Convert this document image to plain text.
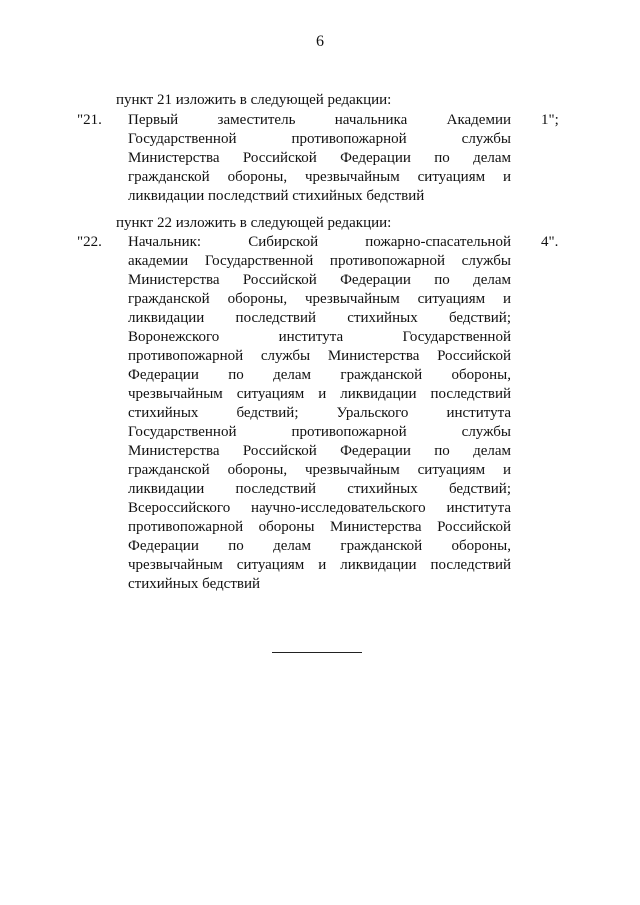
6
пункт 21 изложить в следующей редакции:
"21. Первый заместитель начальника Академии
Государственной противопожарной службы
Министерства Российской Федерации по делам
гражданской обороны, чрезвычайным ситуациям и
ликвидации последствий стихийных бедствий
1";
пункт 22 изложить в следующей редакции:
"22. Начальник: Сибирской пожарно-спасательной
академии Государственной противопожарной службы
Министерства Российской Федерации по делам
гражданской обороны, чрезвычайным ситуациям и
ликвидации последствий стихийных бедствий;
Воронежского института Государственной
противопожарной службы Министерства Российской
Федерации по делам гражданской обороны,
чрезвычайным ситуациям и ликвидации последствий
стихийных бедствий; Уральского института
Государственной противопожарной службы
Министерства Российской Федерации по делам
гражданской обороны, чрезвычайным ситуациям и
ликвидации последствий стихийных бедствий;
Всероссийского научно-исследовательского института
противопожарной обороны Министерства Российской
Федерации по делам гражданской обороны,
чрезвычайным ситуациям и ликвидации последствий
стихийных бедствий
4".
